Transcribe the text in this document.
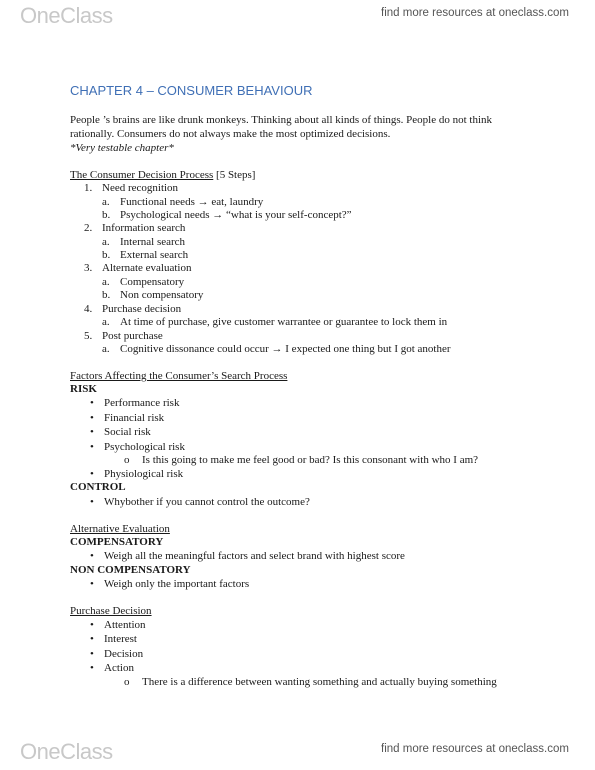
OneClass	find more resources at oneclass.com
CHAPTER 4 – CONSUMER BEHAVIOUR
People ’s brains are like drunk monkeys. Thinking about all kinds of things. People do not think
rationally. Consumers do not always make the most optimized decisions.
*Very testable chapter*
The Consumer Decision Process [5 Steps]
1. Need recognition
a. Functional needs → eat, laundry
b. Psychological needs → “what is your self-concept?”
2. Information search
a. Internal search
b. External search
3. Alternate evaluation
a. Compensatory
b. Non compensatory
4. Purchase decision
a. At time of purchase, give customer warrantee or guarantee to lock them in
5. Post purchase
a. Cognitive dissonance could occur → I expected one thing but I got another
Factors Affecting the Consumer’s Search Process
RISK
• Performance risk
• Financial risk
• Social risk
• Psychological risk
o Is this going to make me feel good or bad? Is this consonant with who I am?
• Physiological risk
CONTROL
• Whybother if you cannot control the outcome?
Alternative Evaluation
COMPENSATORY
• Weigh all the meaningful factors and select brand with highest score
NON COMPENSATORY
• Weigh only the important factors
Purchase Decision
• Attention
• Interest
• Decision
• Action
o There is a difference between wanting something and actually buying something
OneClass	find more resources at oneclass.com
